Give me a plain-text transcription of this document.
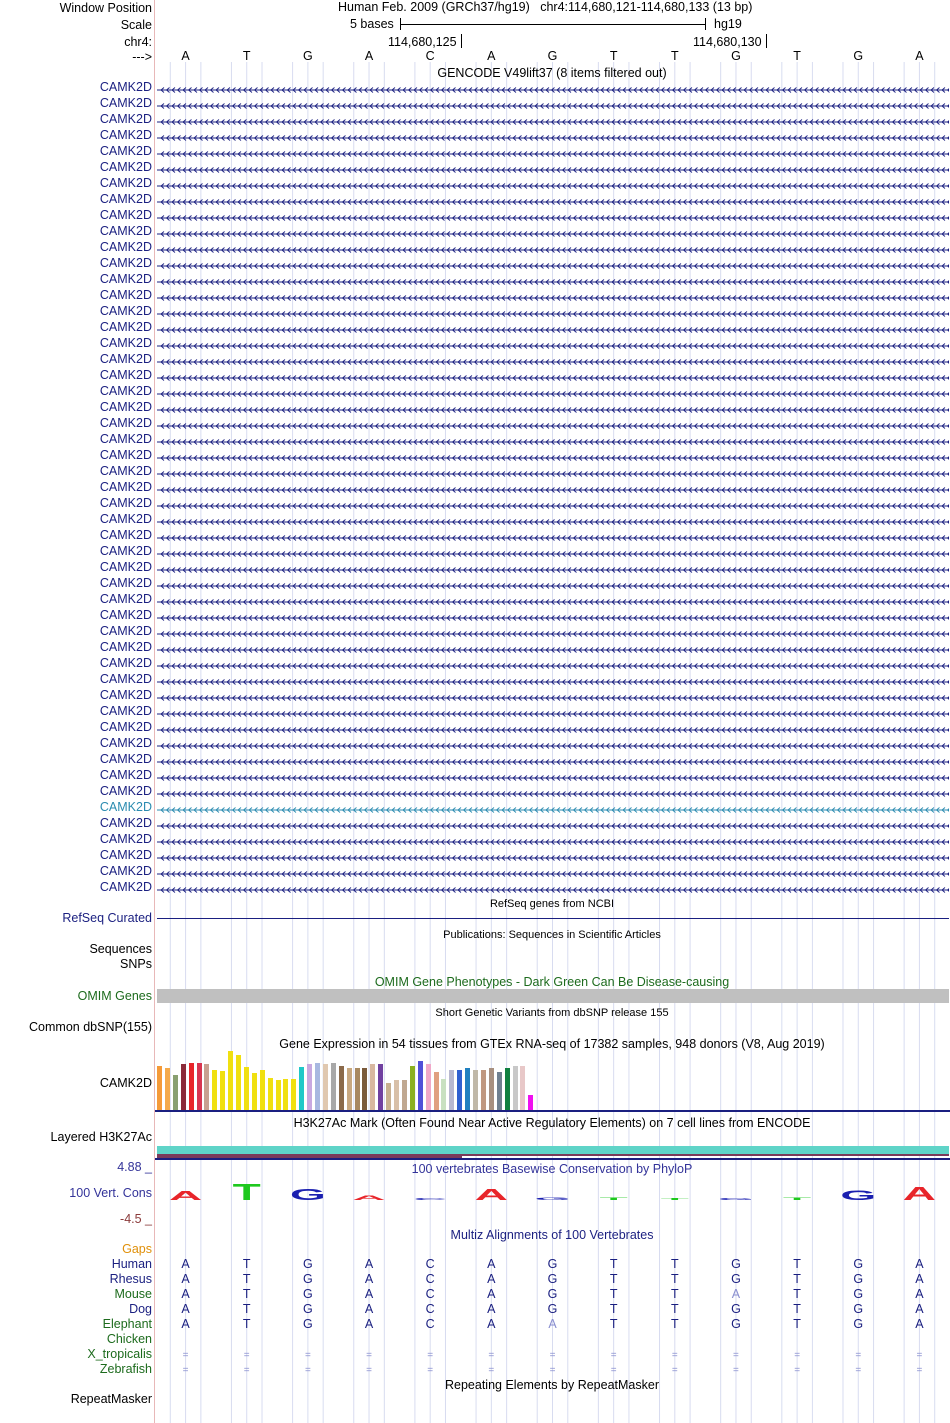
Window Position
Scale
chr4:
--->
Human Feb. 2009 (GRCh37/hg19) chr4:114,680,121-114,680,133 (13 bp)
5 bases	hg19
114,680,125	114,680,130
A	T	G	A	C	A	G	T	T	G	T	G	A
GENCODE V49lift37 (8 items filtered out)
CAMK2D
CAMK2D
CAMK2D
CAMK2D
CAMK2D
CAMK2D
CAMK2D
CAMK2D
CAMK2D
CAMK2D
CAMK2D
CAMK2D
CAMK2D
CAMK2D
CAMK2D
CAMK2D
CAMK2D
CAMK2D
CAMK2D
CAMK2D
CAMK2D
CAMK2D
CAMK2D
CAMK2D
CAMK2D
CAMK2D
CAMK2D
CAMK2D
CAMK2D
CAMK2D
CAMK2D
CAMK2D
CAMK2D
CAMK2D
CAMK2D
CAMK2D
CAMK2D
CAMK2D
CAMK2D
CAMK2D
CAMK2D
CAMK2D
CAMK2D
CAMK2D
CAMK2D
CAMK2D
CAMK2D
CAMK2D
CAMK2D
CAMK2D
CAMK2D
RefSeq genes from NCBI
RefSeq Curated
Publications: Sequences in Scientific Articles
Sequences
SNPs
OMIM Gene Phenotypes - Dark Green Can Be Disease-causing
OMIM Genes
Short Genetic Variants from dbSNP release 155
Common dbSNP(155)
Gene Expression in 54 tissues from GTEx RNA-seq of 17382 samples, 948 donors (V8, Aug 2019)
CAMK2D
H3K27Ac Mark (Often Found Near Active Regulatory Elements) on 7 cell lines from ENCODE
Layered H3K27Ac
100 vertebrates Basewise Conservation by PhyloP
4.88 _
100 Vert. Cons
-4.5 _
A T G A C A G T T G T G A
Multiz Alignments of 100 Vertebrates
Gaps
Human A	T	G	A	C	A	G	T	T	G	T	G	A
Rhesus A	T	G	A	C	A	G	T	T	G	T	G	A
Mouse A	T	G	A	C	A	G	T	T	A	T	G	A
Dog A	T	G	A	C	A	G	T	T	G	T	G	A
Elephant A	T	G	A	C	A	A	T	T	G	T	G	A
Chicken
X_tropicalis	=	=	=	=	=	=	=	=	=	=	=	=	=
Zebrafish	=	=	=	=	=	=	=	=	=	=	=	=	=
Repeating Elements by RepeatMasker
RepeatMasker
